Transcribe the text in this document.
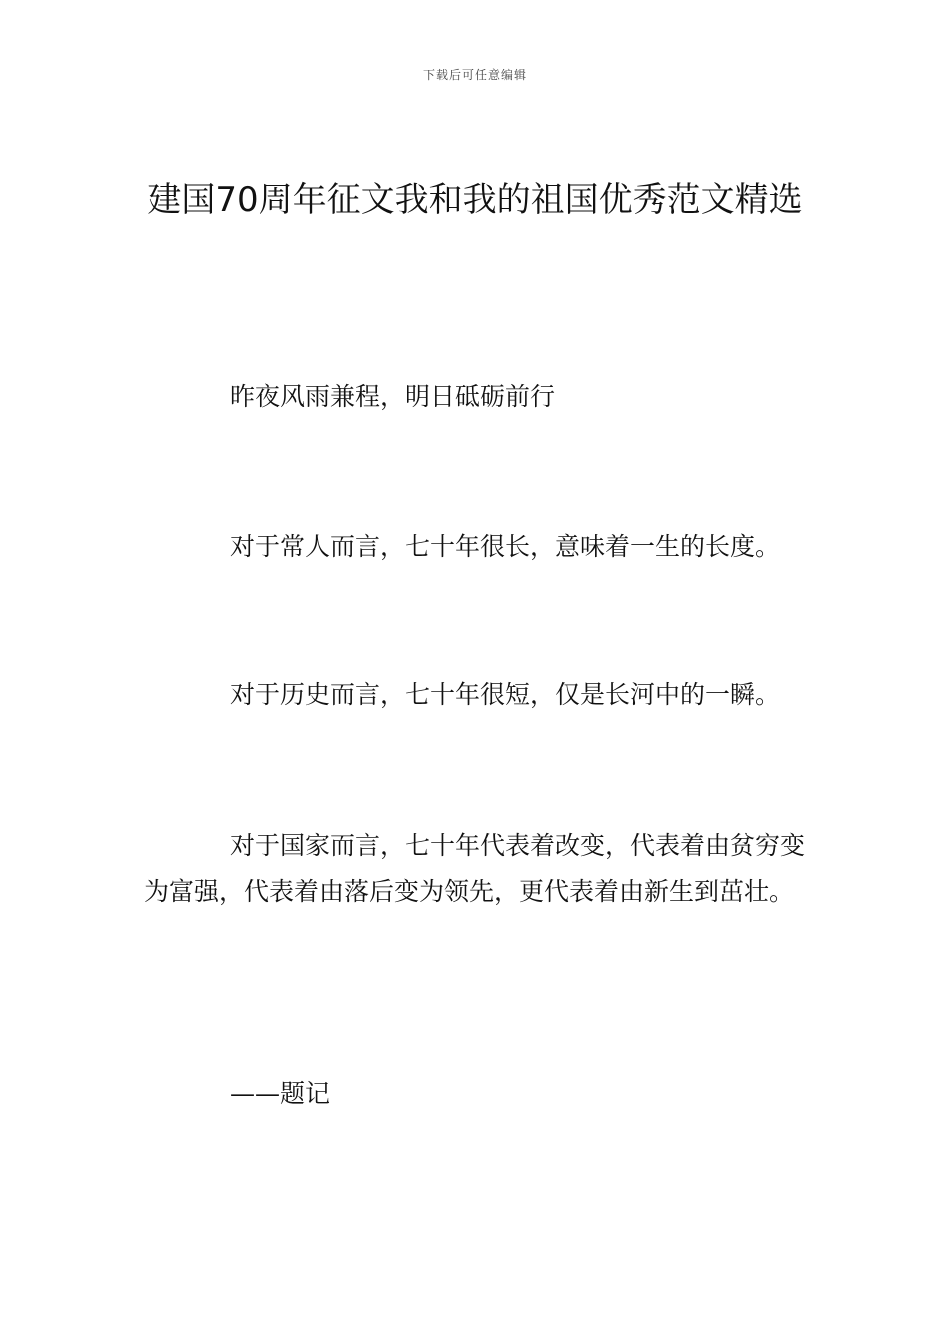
下载后可任意编辑
建国70周年征文我和我的祖国优秀范文精选

昨夜风雨兼程，明日砥砺前行

对于常人而言，七十年很长，意味着一生的长度。

对于历史而言，七十年很短，仅是长河中的一瞬。

对于国家而言，七十年代表着改变，代表着由贫穷变为富强，代表着由落后变为领先，更代表着由新生到茁壮。

——题记
